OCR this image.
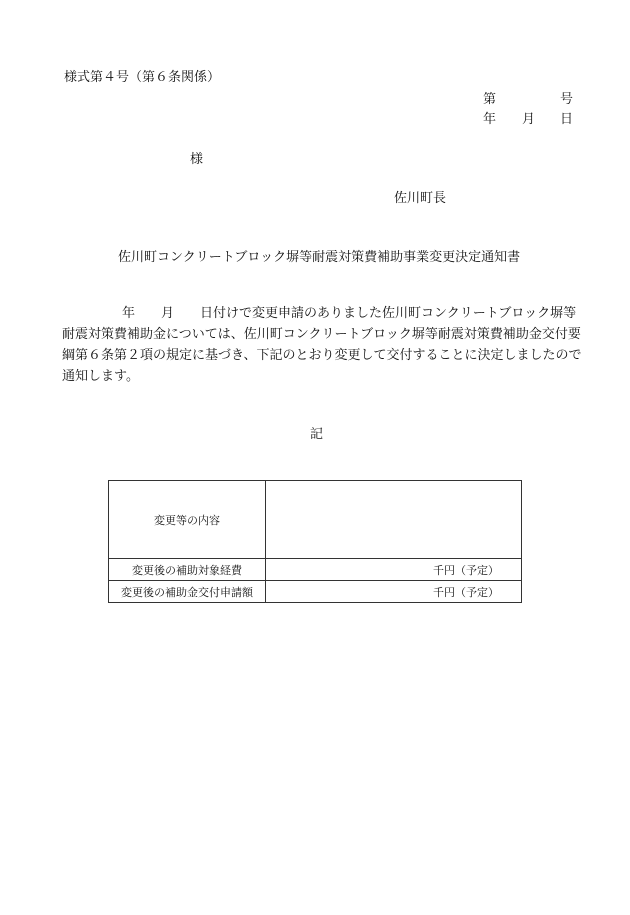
様式第４号（第６条関係）
第	号
年 月 日
様
佐川町長
佐川町コンクリートブロック塀等耐震対策費補助事業変更決定通知書
年 月 日付けで変更申請のありました佐川町コンクリートブロック塀等
耐震対策費補助金については、佐川町コンクリートブロック塀等耐震対策費補助金交付要
綱第６条第２項の規定に基づき、下記のとおり変更して交付することに決定しましたので
通知します。
記
変更等の内容	
変更後の補助対象経費	千円（予定）
変更後の補助金交付申請額	千円（予定）
